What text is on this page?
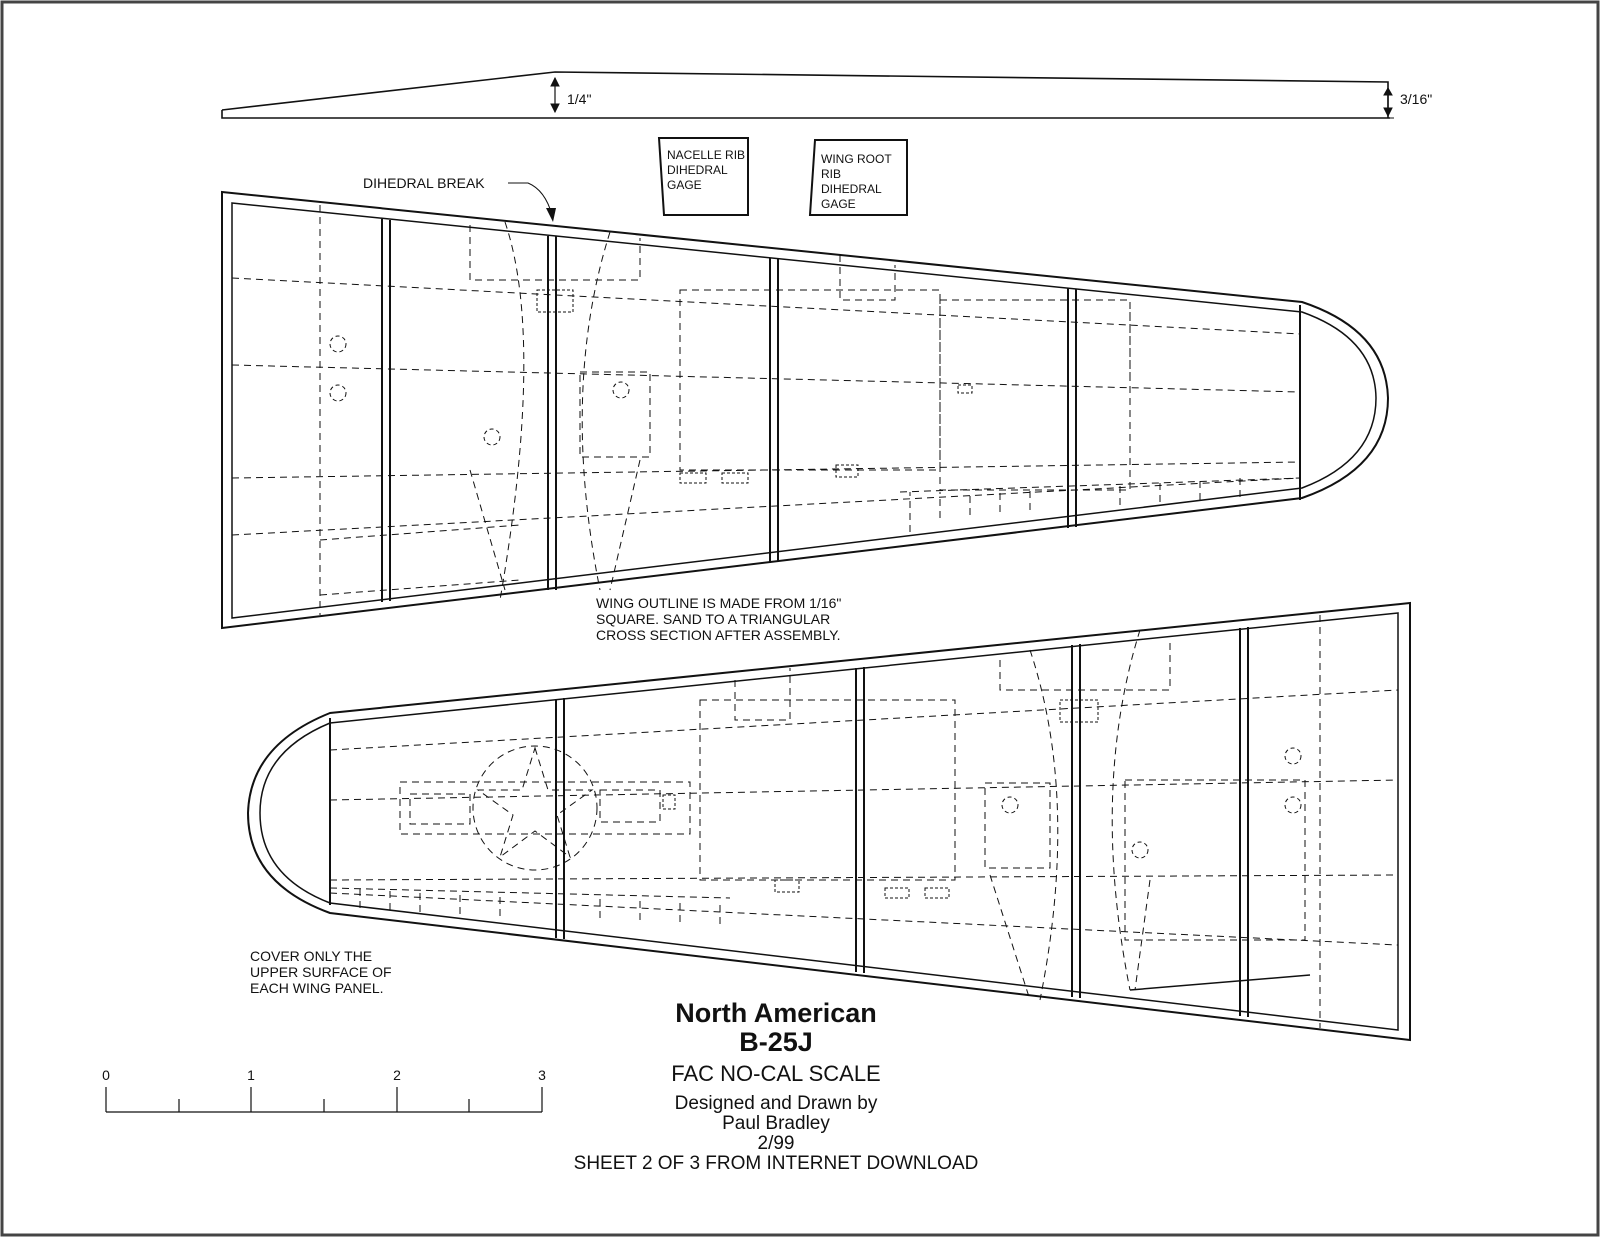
1/4"	3/16"
NACELLE RIB
DIHEDRAL
GAGE
WING ROOT
RIB
DIHEDRAL
GAGE
DIHEDRAL BREAK
WING OUTLINE IS MADE FROM 1/16"
SQUARE. SAND TO A TRIANGULAR
CROSS SECTION AFTER ASSEMBLY.
COVER ONLY THE
UPPER SURFACE OF
EACH WING PANEL.
0	1	2	3
North American
B-25J
FAC NO-CAL SCALE
Designed and Drawn by
Paul Bradley
2/99
SHEET 2 OF 3 FROM INTERNET DOWNLOAD
